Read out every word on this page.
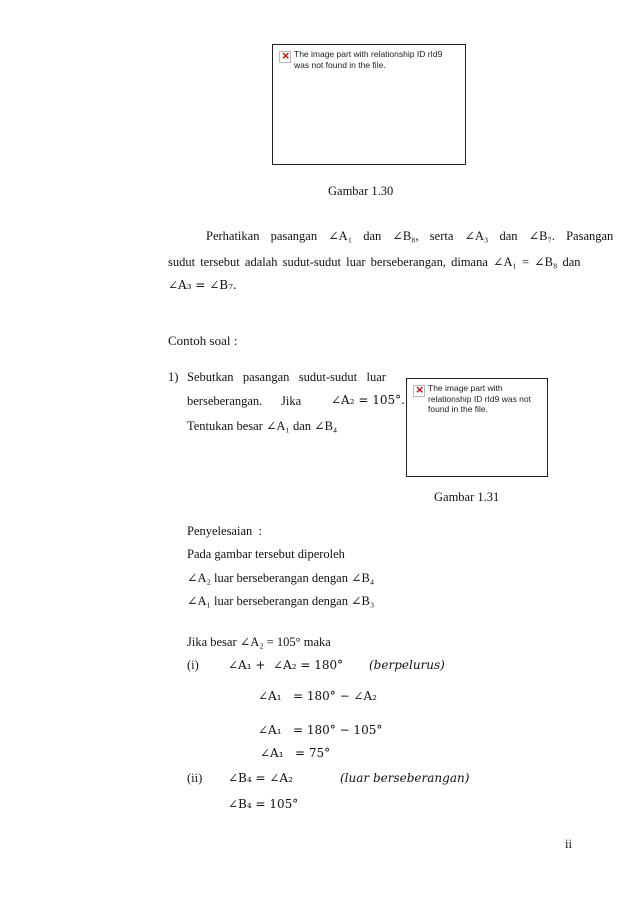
×
The image part with relationship ID rId9 was not found in the file.
Gambar 1.30
Perhatikan pasangan ∠A₁ dan ∠B₈, serta ∠A₃ dan ∠B₇. Pasangan
sudut tersebut adalah sudut-sudut luar berseberangan, dimana ∠A₁ = ∠B₈ dan
∠A₃ = ∠B₇.
Contoh soal :
1) Sebutkan   pasangan   sudut-sudut   luar
berseberangan.      Jika ∠A₂ = 105°.
Tentukan besar ∠A₁ dan ∠B₄
×
The image part with relationship ID rId9 was not found in the file.
Gambar 1.31
Penyelesaian  :
Pada gambar tersebut diperoleh
∠A₂ luar berseberangan dengan ∠B₄
∠A₁ luar berseberangan dengan ∠B₃
Jika besar ∠A₂ = 105° maka
(i) ∠A₁ +  ∠A₂ = 180° (berpelurus)
∠A₁   = 180° − ∠A₂
∠A₁   = 180° − 105°
∠A₁   = 75°
(ii) ∠B₄ = ∠A₂	(luar berseberangan)
∠B₄ = 105°
ii
